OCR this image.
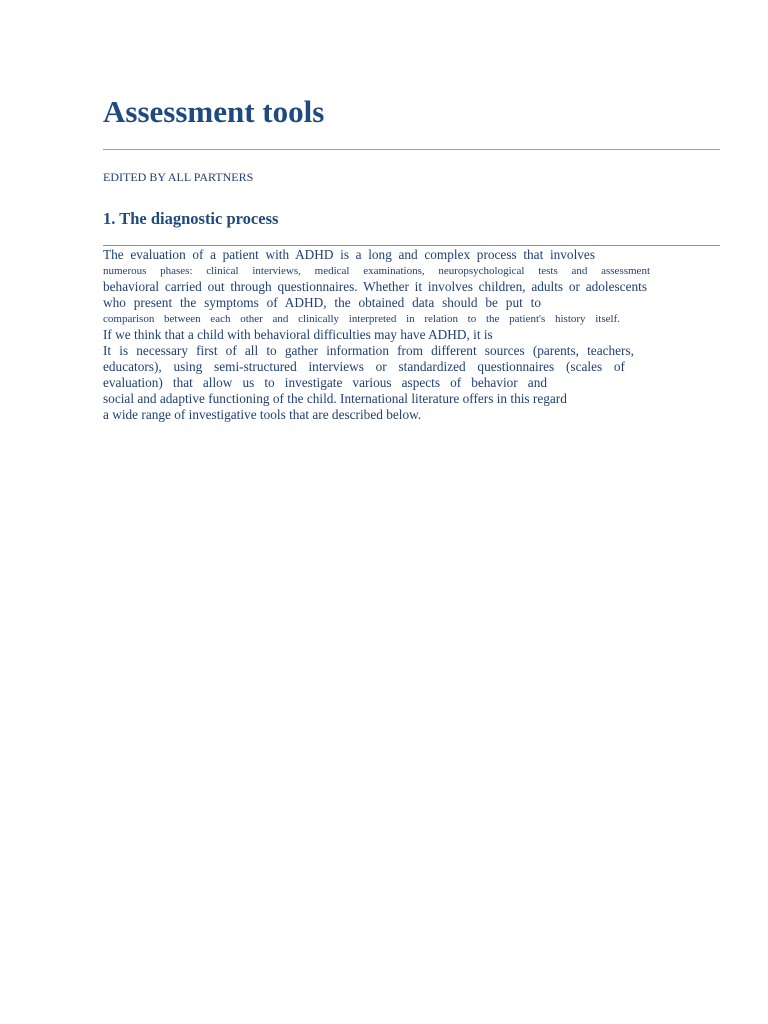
Assessment tools
EDITED BY ALL PARTNERS
1. The diagnostic process
The evaluation of a patient with ADHD is a long and complex process that involves
numerous phases: clinical interviews, medical examinations, neuropsychological tests and assessment
behavioral carried out through questionnaires. Whether it involves children, adults or adolescents
who present the symptoms of ADHD, the obtained data should be put to
comparison between each other and clinically interpreted in relation to the patient's history itself.
If we think that a child with behavioral difficulties may have ADHD, it is
It is necessary first of all to gather information from different sources (parents, teachers,
educators), using semi-structured interviews or standardized questionnaires (scales of
evaluation) that allow us to investigate various aspects of behavior and
social and adaptive functioning of the child. International literature offers in this regard
a wide range of investigative tools that are described below.
